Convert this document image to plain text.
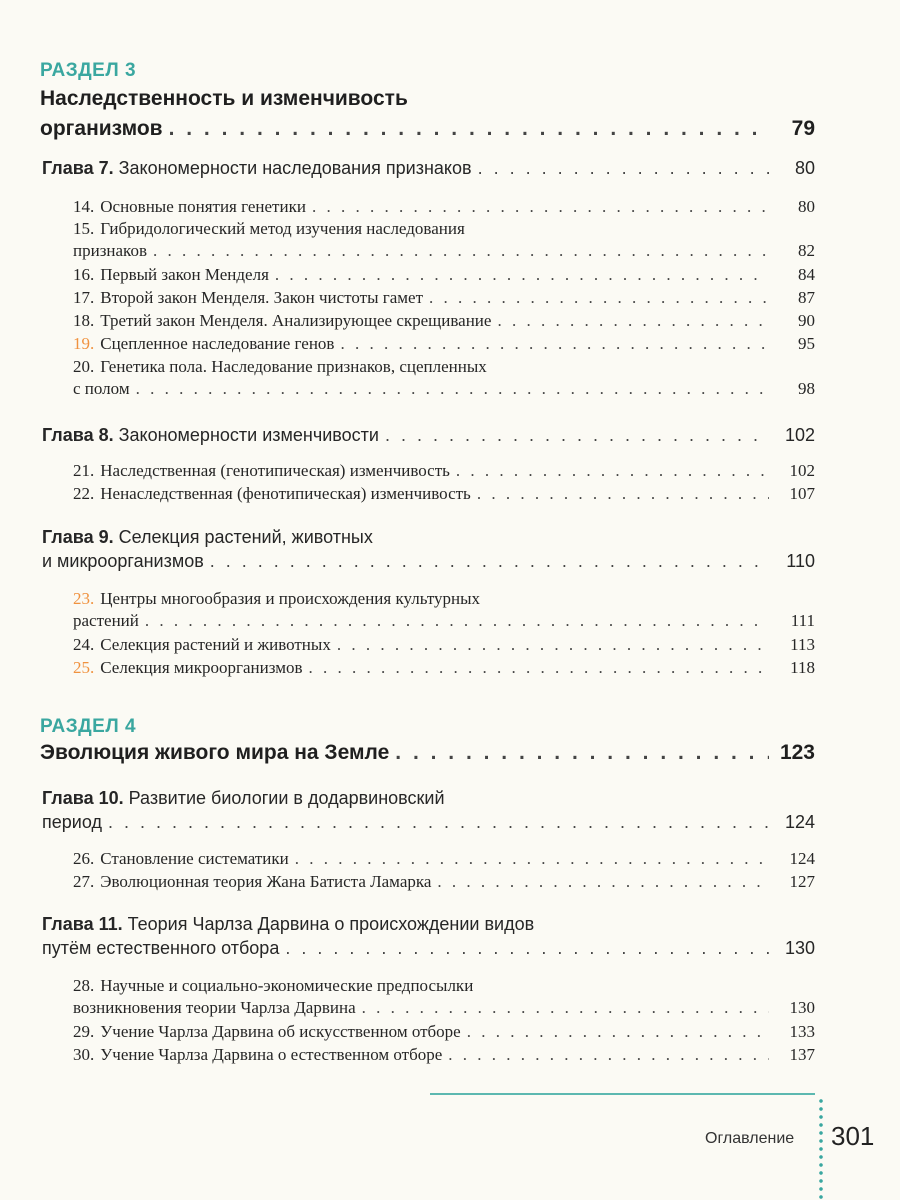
РАЗДЕЛ 3
Наследственность и изменчивость
организмов . . .	79
Глава 7.
Закономерности наследования признаков . . .	80
14. Основные понятия генетики . . .	80
15. Гибридологический метод изучения наследования
признаков . . .	82
16. Первый закон Менделя . . .	84
17. Второй закон Менделя. Закон чистоты гамет . . .	87
18. Третий закон Менделя. Анализирующее скрещивание . . .	90
19. Сцепленное наследование генов . . .	95
20. Генетика пола. Наследование признаков, сцепленных
с полом . . .	98
Глава 8.
Закономерности изменчивости . . .	102
21. Наследственная (генотипическая) изменчивость . . .	102
22. Ненаследственная (фенотипическая) изменчивость . . .	107
Глава 9. Селекция растений, животных
и микроорганизмов . . .	110
23. Центры многообразия и происхождения культурных
растений . . .	111
24. Селекция растений и животных . . .	113
25. Селекция микроорганизмов . . .	118
РАЗДЕЛ 4
Эволюция живого мира на Земле . . .	123
Глава 10. Развитие биологии в додарвиновский
период . . .	124
26. Становление систематики . . .	124
27. Эволюционная теория Жана Батиста Ламарка . . .	127
Глава 11. Теория Чарлза Дарвина о происхождении видов
путём естественного отбора . . .	130
28. Научные и социально-экономические предпосылки
возникновения теории Чарлза Дарвина . . .	130
29. Учение Чарлза Дарвина об искусственном отборе . . .	133
30. Учение Чарлза Дарвина о естественном отборе . . .	137
Оглавление 301
